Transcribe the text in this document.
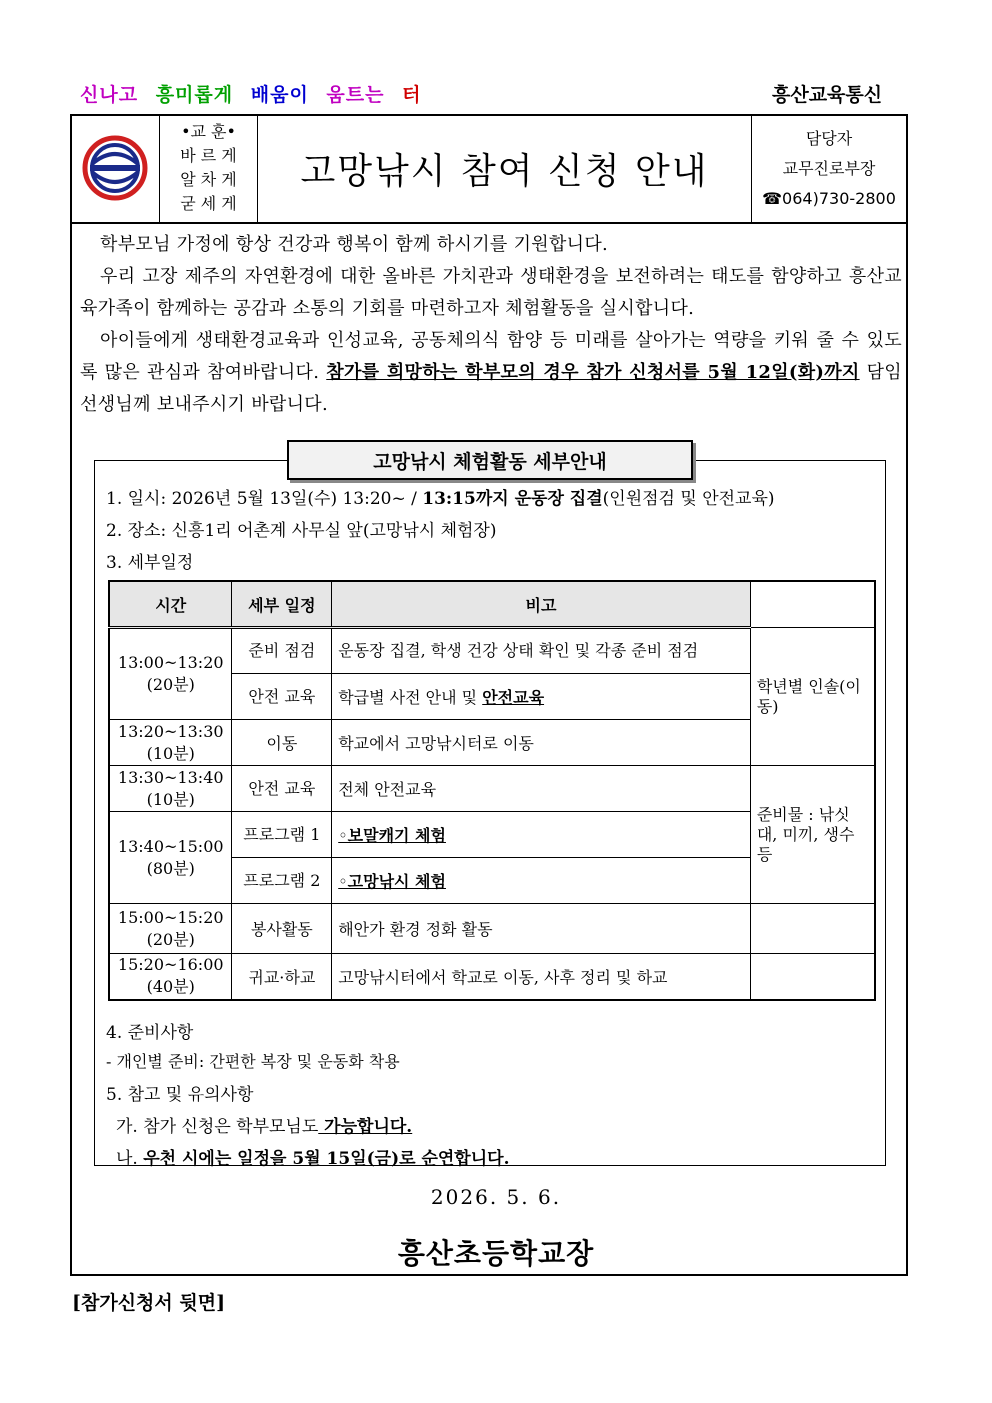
신나고 흥미롭게 배움이 움트는 터	흥산교육통신
•교 훈•
바 르 게
알 차 게
굳 세 게
고망낚시 참여 신청 안내
담당자
교무진로부장
☎064)730-2800

학부모님 가정에 항상 건강과 행복이 함께 하시기를 기원합니다.

우리 고장 제주의 자연환경에 대한 올바른 가치관과 생태환경을 보전하려는 태도를 함양하고 흥산교육가족이 함께하는 공감과 소통의 기회를 마련하고자 체험활동을 실시합니다.

아이들에게 생태환경교육과 인성교육, 공동체의식 함양 등 미래를 살아가는 역량을 키워 줄 수 있도록 많은 관심과 참여바랍니다. 참가를 희망하는 학부모의 경우 참가 신청서를 5월 12일(화)까지 담임선생님께 보내주시기 바랍니다.

고망낚시 체험활동 세부안내
1. 일시: 2026년 5월 13일(수) 13:20~ / 13:15까지 운동장 집결(인원점검 및 안전교육)
2. 장소: 신흥1리 어촌계 사무실 앞(고망낚시 체험장)
3. 세부일정
시간	세부 일정	비고	
13:00~13:20
(20분)	준비 점검	운동장 집결, 학생 건강 상태 확인 및 각종 준비 점검	학년별 인솔(이동)
	안전 교육	학급별 사전 안내 및 안전교육	
13:20~13:30
(10분)	이동	학교에서 고망낚시터로 이동	
13:30~13:40
(10분)	안전 교육	전체 안전교육	준비물 : 낚싯대, 미끼, 생수 등
13:40~15:00
(80분)	프로그램 1	◦보말캐기 체험	
	프로그램 2	◦고망낚시 체험	
15:00~15:20
(20분)	봉사활동	해안가 환경 정화 활동	
15:20~16:00
(40분)	귀교·하교	고망낚시터에서 학교로 이동, 사후 정리 및 하교	
4. 준비사항
- 개인별 준비: 간편한 복장 및 운동화 착용
5. 참고 및 유의사항
가. 참가 신청은 학부모님도 가능합니다.
나. 우천 시에는 일정을 5월 15일(금)로 순연합니다.
2026. 5. 6.
흥산초등학교장
[참가신청서 뒷면]
